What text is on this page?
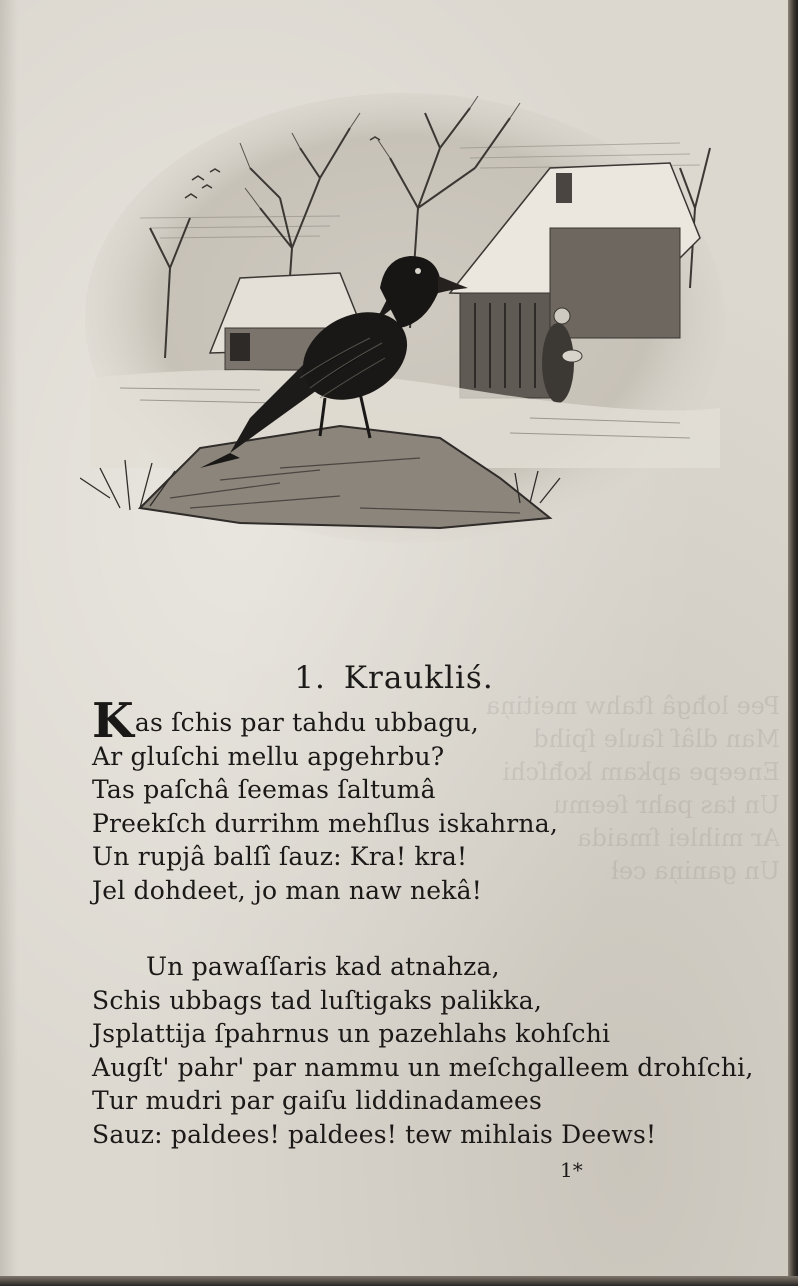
1. Kraukliś.
Pee loħgâ ſtahw meitiņa
Man dlâſ ſaule ſpihd
Eneepe apkam koħſchi
Un tas pahr ſeemu
Ar mihlei ſmaida
Un ganiņa ceł
Kas ſchis par tahdu ubbagu,
Ar gluſchi mellu apgehrbu?
Tas paſchâ ſeemas ſaltumâ
Preekſch durrihm mehſlus iskahrna,
Un rupjâ balſî ſauz: Kra! kra!
Jel dohdeet, jo man naw nekâ!
Un pawaſſaris kad atnahza,
Schis ubbags tad luſtigaks palikka,
Jsplattija ſpahrnus un pazehlahs kohſchi
Augſt' pahr' par nammu un meſchgalleem drohſchi,
Tur mudri par gaiſu liddinadamees
Sauz: paldees! paldees! tew mihlais Deews!
1*
